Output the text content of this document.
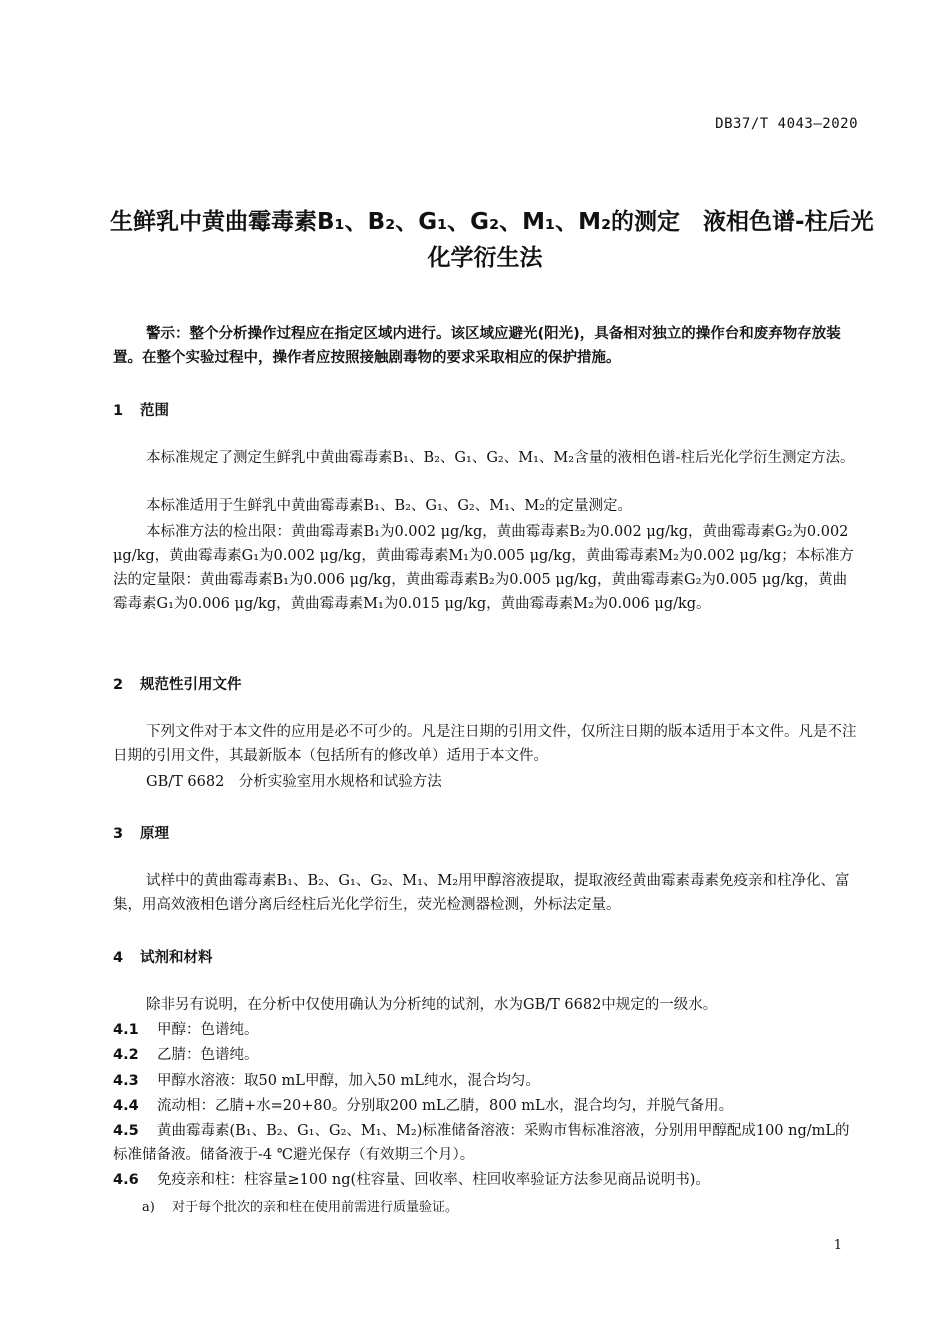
DB37/T 4043—2020
生鲜乳中黄曲霉毒素B₁、B₂、G₁、G₂、M₁、M₂的测定　液相色谱-柱后光
化学衍生法
警示：整个分析操作过程应在指定区域内进行。该区域应避光(阳光)，具备相对独立的操作台和废弃物存放装置。在整个实验过程中，操作者应按照接触剧毒物的要求采取相应的保护措施。
1 范围
本标准规定了测定生鲜乳中黄曲霉毒素B₁、B₂、G₁、G₂、M₁、M₂含量的液相色谱-柱后光化学衍生测定方法。
本标准适用于生鲜乳中黄曲霉毒素B₁、B₂、G₁、G₂、M₁、M₂的定量测定。
本标准方法的检出限：黄曲霉毒素B₁为0.002 μg/kg，黄曲霉毒素B₂为0.002 μg/kg，黄曲霉毒素G₂为0.002 μg/kg，黄曲霉毒素G₁为0.002 μg/kg，黄曲霉毒素M₁为0.005 μg/kg，黄曲霉毒素M₂为0.002 μg/kg；本标准方法的定量限：黄曲霉毒素B₁为0.006 μg/kg，黄曲霉毒素B₂为0.005 μg/kg，黄曲霉毒素G₂为0.005 μg/kg，黄曲霉毒素G₁为0.006 μg/kg，黄曲霉毒素M₁为0.015 μg/kg，黄曲霉毒素M₂为0.006 μg/kg。
2 规范性引用文件
下列文件对于本文件的应用是必不可少的。凡是注日期的引用文件，仅所注日期的版本适用于本文件。凡是不注日期的引用文件，其最新版本（包括所有的修改单）适用于本文件。
GB/T 6682　分析实验室用水规格和试验方法
3 原理
试样中的黄曲霉毒素B₁、B₂、G₁、G₂、M₁、M₂用甲醇溶液提取，提取液经黄曲霉素毒素免疫亲和柱净化、富集，用高效液相色谱分离后经柱后光化学衍生，荧光检测器检测，外标法定量。
4 试剂和材料
除非另有说明，在分析中仅使用确认为分析纯的试剂，水为GB/T 6682中规定的一级水。
4.1 甲醇：色谱纯。
4.2 乙腈：色谱纯。
4.3 甲醇水溶液：取50 mL甲醇，加入50 mL纯水，混合均匀。
4.4 流动相：乙腈+水=20+80。分别取200 mL乙腈，800 mL水，混合均匀，并脱气备用。
4.5 黄曲霉毒素(B₁、B₂、G₁、G₂、M₁、M₂)标准储备溶液：采购市售标准溶液，分别用甲醇配成100 ng/mL的标准储备液。储备液于-4 ℃避光保存（有效期三个月）。
4.6 免疫亲和柱：柱容量≥100 ng(柱容量、回收率、柱回收率验证方法参见商品说明书)。
a) 对于每个批次的亲和柱在使用前需进行质量验证。
1
